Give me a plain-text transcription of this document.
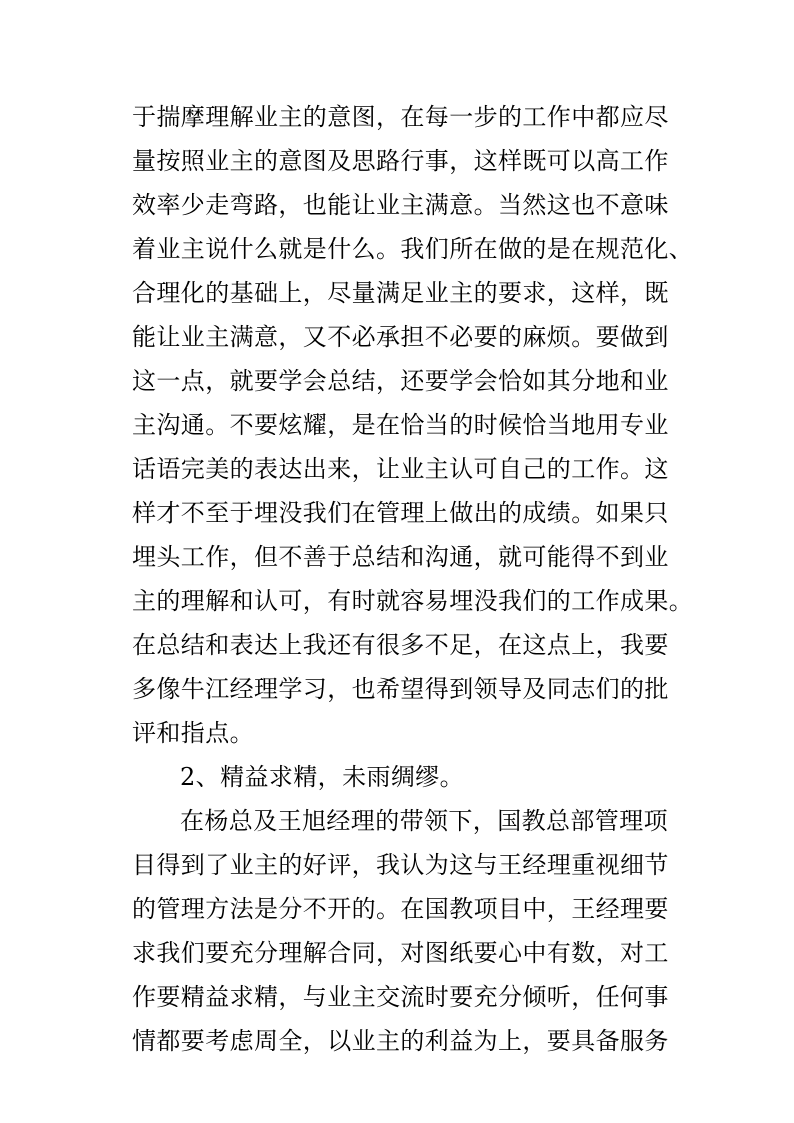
于揣摩理解业主的意图，在每一步的工作中都应尽
量按照业主的意图及思路行事，这样既可以高工作
效率少走弯路，也能让业主满意。当然这也不意味
着业主说什么就是什么。我们所在做的是在规范化、
合理化的基础上，尽量满足业主的要求，这样，既
能让业主满意，又不必承担不必要的麻烦。要做到
这一点，就要学会总结，还要学会恰如其分地和业
主沟通。不要炫耀，是在恰当的时候恰当地用专业
话语完美的表达出来，让业主认可自己的工作。这
样才不至于埋没我们在管理上做出的成绩。如果只
埋头工作，但不善于总结和沟通，就可能得不到业
主的理解和认可，有时就容易埋没我们的工作成果。
在总结和表达上我还有很多不足，在这点上，我要
多像牛江经理学习，也希望得到领导及同志们的批
评和指点。
2、精益求精，未雨绸缪。
在杨总及王旭经理的带领下，国教总部管理项
目得到了业主的好评，我认为这与王经理重视细节
的管理方法是分不开的。在国教项目中，王经理要
求我们要充分理解合同，对图纸要心中有数，对工
作要精益求精，与业主交流时要充分倾听，任何事
情都要考虑周全，以业主的利益为上，要具备服务
